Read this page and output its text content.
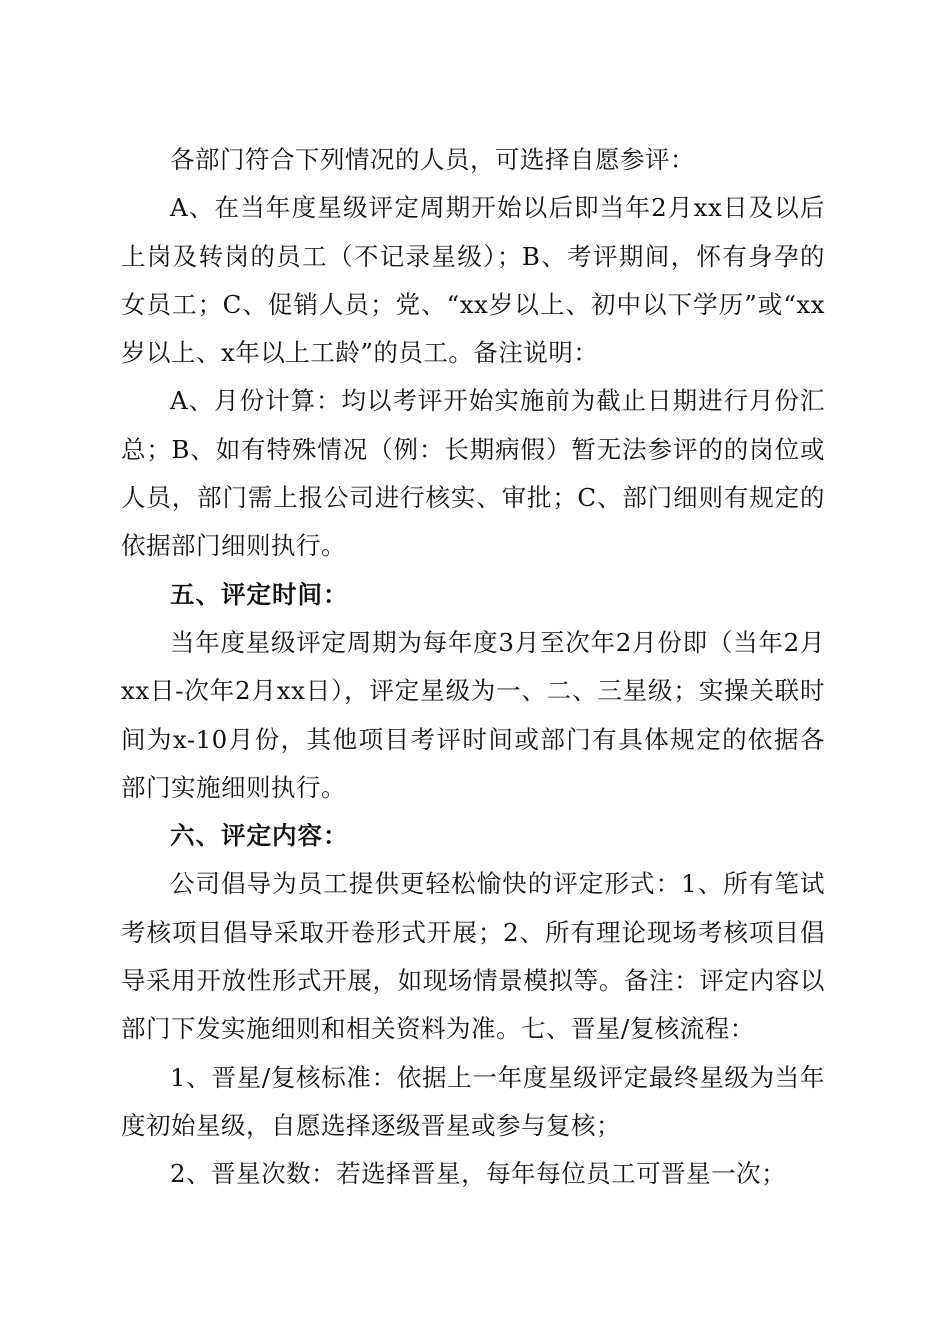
各部门符合下列情况的人员，可选择自愿参评：

A、在当年度星级评定周期开始以后即当年2月xx日及以后上岗及转岗的员工（不记录星级）；B、考评期间，怀有身孕的女员工；C、促销人员；党、“xx岁以上、初中以下学历”或“xx岁以上、x年以上工龄”的员工。备注说明：

A、月份计算：均以考评开始实施前为截止日期进行月份汇总；B、如有特殊情况（例：长期病假）暂无法参评的的岗位或人员，部门需上报公司进行核实、审批；C、部门细则有规定的依据部门细则执行。

五、评定时间：

当年度星级评定周期为每年度3月至次年2月份即（当年2月xx日-次年2月xx日），评定星级为一、二、三星级；实操关联时间为x-10月份，其他项目考评时间或部门有具体规定的依据各部门实施细则执行。

六、评定内容：

公司倡导为员工提供更轻松愉快的评定形式：1、所有笔试考核项目倡导采取开卷形式开展；2、所有理论现场考核项目倡导采用开放性形式开展，如现场情景模拟等。备注：评定内容以部门下发实施细则和相关资料为准。七、晋星/复核流程：

1、晋星/复核标准：依据上一年度星级评定最终星级为当年度初始星级，自愿选择逐级晋星或参与复核；

2、晋星次数：若选择晋星，每年每位员工可晋星一次；
